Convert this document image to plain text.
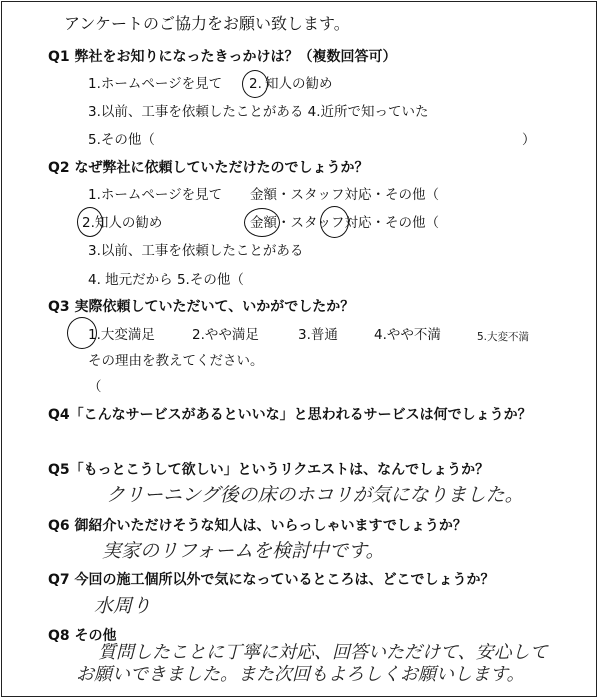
アンケートのご協力をお願い致します。
Q1 弊社をお知りになったきっかけは？（複数回答可）
1.ホームページを見て 2. 知人の勧め
3.以前、工事を依頼したことがある 4.近所で知っていた
5.その他（	）
Q2 なぜ弊社に依頼していただけたのでしょうか？
1.ホームページを見て 金額・スタッフ対応・その他（
2.知人の勧め	金額・スタッフ対応・その他（
3.以前、工事を依頼したことがある
4. 地元だから 5.その他（
Q3 実際依頼していただいて、いかがでしたか？
1.大変満足	2.やや満足	3.普通	4.やや不満	5.大変不満
その理由を教えてください。
（
Q4「こんなサービスがあるといいな」と思われるサービスは何でしょうか？
Q5「もっとこうして欲しい」というリクエストは、なんでしょうか？
クリーニング後の床のホコリが気になりました。
Q6 御紹介いただけそうな知人は、いらっしゃいますでしょうか？
実家のリフォームを検討中です。
Q7 今回の施工個所以外で気になっているところは、どこでしょうか？
水周り
Q8 その他
質問したことに丁寧に対応、回答いただけて、安心して
お願いできました。また次回もよろしくお願いします。
